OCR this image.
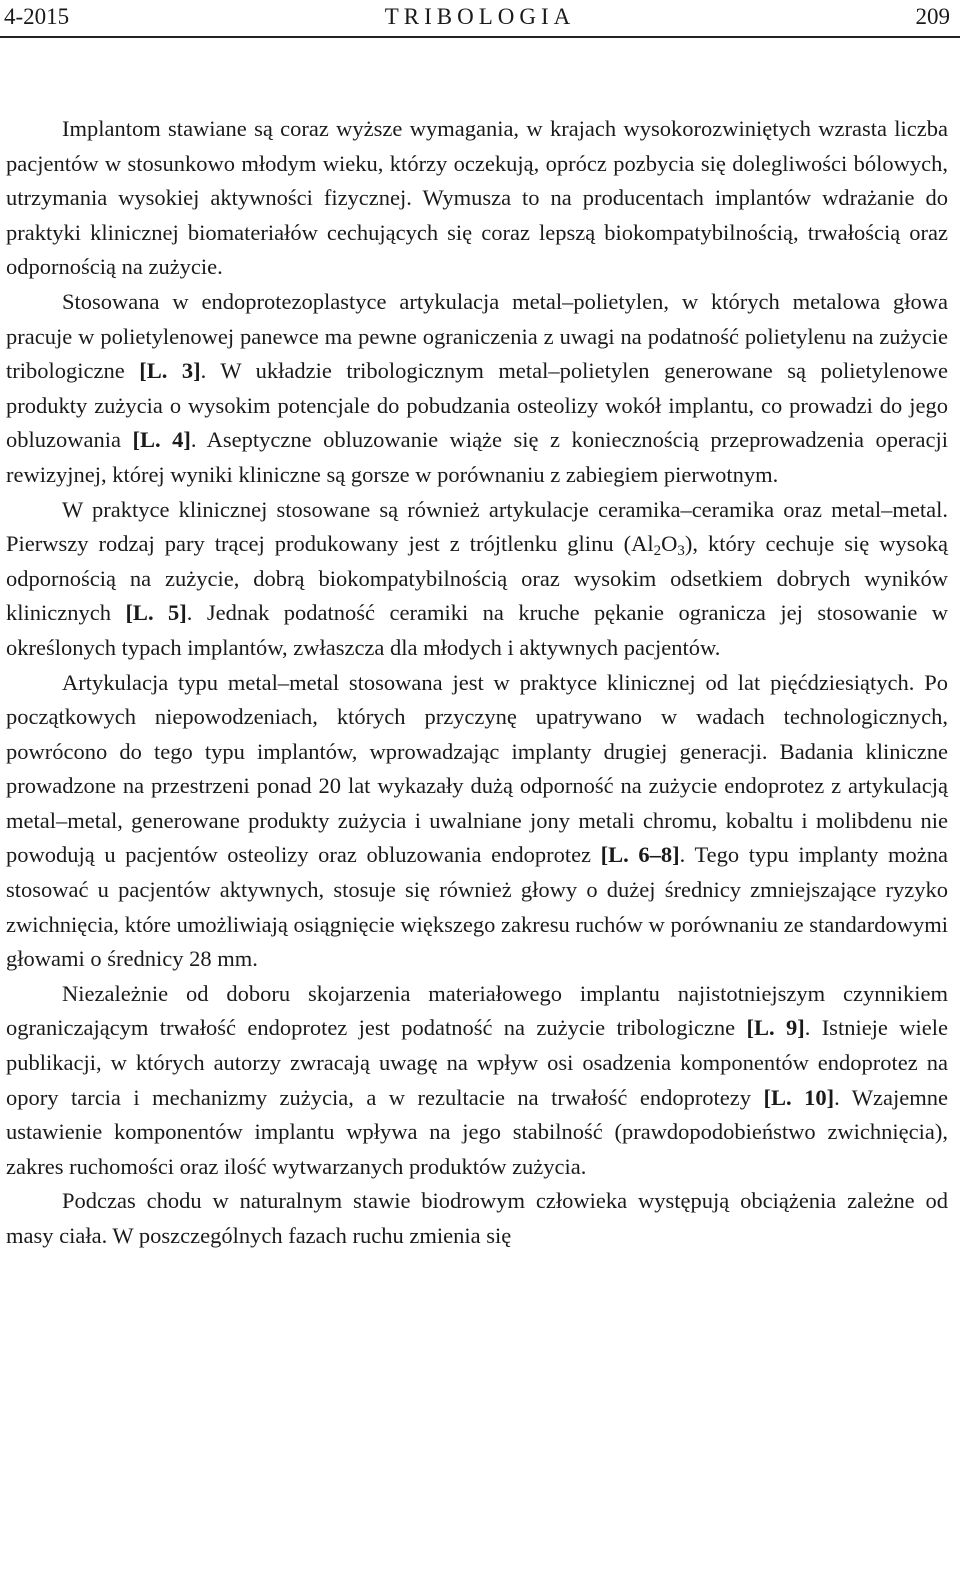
4-2015	TRIBOLOGIA	209

Implantom stawiane są coraz wyższe wymagania, w krajach wysokorozwiniętych wzrasta liczba pacjentów w stosunkowo młodym wieku, którzy oczekują, oprócz pozbycia się dolegliwości bólowych, utrzymania wysokiej aktywności fizycznej. Wymusza to na producentach implantów wdrażanie do praktyki klinicznej biomateriałów cechujących się coraz lepszą biokompatybilnością, trwałością oraz odpornością na zużycie.

Stosowana w endoprotezoplastyce artykulacja metal–polietylen, w których metalowa głowa pracuje w polietylenowej panewce ma pewne ograniczenia z uwagi na podatność polietylenu na zużycie tribologiczne [L. 3]. W układzie tribologicznym metal–polietylen generowane są polietylenowe produkty zużycia o wysokim potencjale do pobudzania osteolizy wokół implantu, co prowadzi do jego obluzowania [L. 4]. Aseptyczne obluzowanie wiąże się z koniecznością przeprowadzenia operacji rewizyjnej, której wyniki kliniczne są gorsze w porównaniu z zabiegiem pierwotnym.

W praktyce klinicznej stosowane są również artykulacje ceramika–ceramika oraz metal–metal. Pierwszy rodzaj pary trącej produkowany jest z trójtlenku glinu $(Al_2O_3)$, który cechuje się wysoką odpornością na zużycie, dobrą biokompatybilnością oraz wysokim odsetkiem dobrych wyników klinicznych [L. 5]. Jednak podatność ceramiki na kruche pękanie ogranicza jej stosowanie w określonych typach implantów, zwłaszcza dla młodych i aktywnych pacjentów.

Artykulacja typu metal–metal stosowana jest w praktyce klinicznej od lat pięćdziesiątych. Po początkowych niepowodzeniach, których przyczynę upatrywano w wadach technologicznych, powrócono do tego typu implantów, wprowadzając implanty drugiej generacji. Badania kliniczne prowadzone na przestrzeni ponad 20 lat wykazały dużą odporność na zużycie endoprotez z artykulacją metal–metal, generowane produkty zużycia i uwalniane jony metali chromu, kobaltu i molibdenu nie powodują u pacjentów osteolizy oraz obluzowania endoprotez [L. 6–8]. Tego typu implanty można stosować u pacjentów aktywnych, stosuje się również głowy o dużej średnicy zmniejszające ryzyko zwichnięcia, które umożliwiają osiągnięcie większego zakresu ruchów w porównaniu ze standardowymi głowami o średnicy 28 mm.

Niezależnie od doboru skojarzenia materiałowego implantu najistotniejszym czynnikiem ograniczającym trwałość endoprotez jest podatność na zużycie tribologiczne [L. 9]. Istnieje wiele publikacji, w których autorzy zwracają uwagę na wpływ osi osadzenia komponentów endoprotez na opory tarcia i mechanizmy zużycia, a w rezultacie na trwałość endoprotezy [L. 10]. Wzajemne ustawienie komponentów implantu wpływa na jego stabilność (prawdopodobieństwo zwichnięcia), zakres ruchomości oraz ilość wytwarzanych produktów zużycia.

Podczas chodu w naturalnym stawie biodrowym człowieka występują obciążenia zależne od masy ciała. W poszczególnych fazach ruchu zmienia się
